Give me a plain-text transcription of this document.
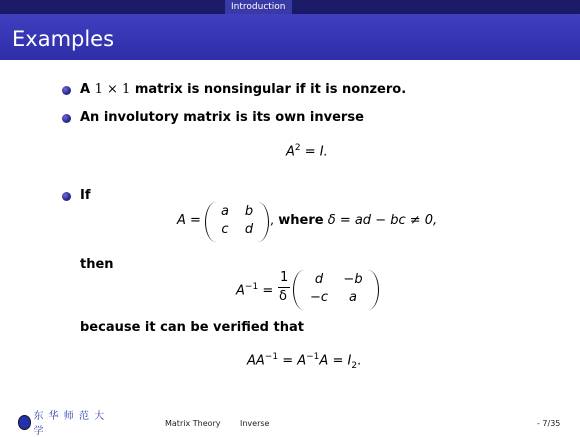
Introduction
Examples
A 1 × 1 matrix is nonsingular if it is nonzero.
An involutory matrix is its own inverse
$A^2 = I$.
If
A =
a	b
c	d
, where δ = ad − bc ≠ 0,
then
$A^{-1}$ =
1
δ
d	−b
−c	a
because it can be verified that
$AA^{-1} = A^{-1}A = I_2$.
东 华 师 范 大 学
Matrix Theory Inverse	- 7/35
